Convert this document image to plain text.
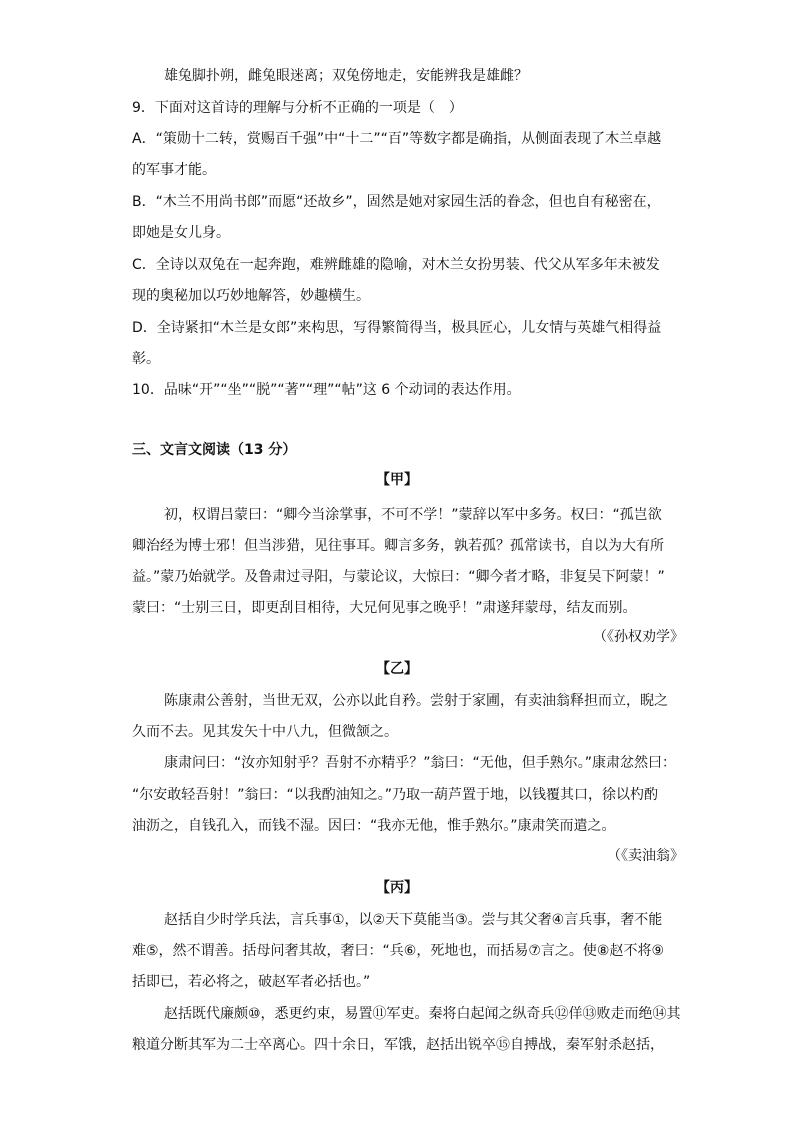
雄兔脚扑朔，雌兔眼迷离；双兔傍地走，安能辨我是雄雌？
9．下面对这首诗的理解与分析不正确的一项是（　）
A．“策勋十二转，赏赐百千强”中“十二”“百”等数字都是确指，从侧面表现了木兰卓越
的军事才能。
B．“木兰不用尚书郎”而愿“还故乡”，固然是她对家园生活的眷念，但也自有秘密在，
即她是女儿身。
C．全诗以双兔在一起奔跑，难辨雌雄的隐喻，对木兰女扮男装、代父从军多年未被发
现的奥秘加以巧妙地解答，妙趣横生。
D．全诗紧扣“木兰是女郎”来构思，写得繁简得当，极具匠心，儿女情与英雄气相得益
彰。
10．品味“开”“坐”“脱”“著”“理”“帖”这 6 个动词的表达作用。
三、文言文阅读（13 分）
【甲】
初，权谓吕蒙曰：“卿今当涂掌事，不可不学！”蒙辞以军中多务。权曰：“孤岂欲
卿治经为博士邪！但当涉猎，见往事耳。卿言多务，孰若孤？孤常读书，自以为大有所
益。”蒙乃始就学。及鲁肃过寻阳，与蒙论议，大惊曰：“卿今者才略，非复吴下阿蒙！”
蒙曰：“士别三日，即更刮目相待，大兄何见事之晚乎！”肃遂拜蒙母，结友而别。
（《孙权劝学》
【乙】
陈康肃公善射，当世无双，公亦以此自矜。尝射于家圃，有卖油翁释担而立，睨之
久而不去。见其发矢十中八九，但微颔之。
康肃问曰：“汝亦知射乎？吾射不亦精乎？”翁曰：“无他，但手熟尔。”康肃忿然曰：
“尔安敢轻吾射！”翁曰：“以我酌油知之。”乃取一葫芦置于地，以钱覆其口，徐以杓酌
油沥之，自钱孔入，而钱不湿。因曰：“我亦无他，惟手熟尔。”康肃笑而遣之。
（《卖油翁》
【丙】
赵括自少时学兵法，言兵事①，以②天下莫能当③。尝与其父奢④言兵事，奢不能
难⑤，然不谓善。括母问奢其故，奢曰：“兵⑥，死地也，而括易⑦言之。使⑧赵不将⑨
括即已，若必将之，破赵军者必括也。”
赵括既代廉颇⑩，悉更约束，易置⑪军吏。秦将白起闻之纵奇兵⑫佯⑬败走而绝⑭其
粮道分断其军为二士卒离心。四十余日，军饿，赵括出锐卒⑮自搏战，秦军射杀赵括，
